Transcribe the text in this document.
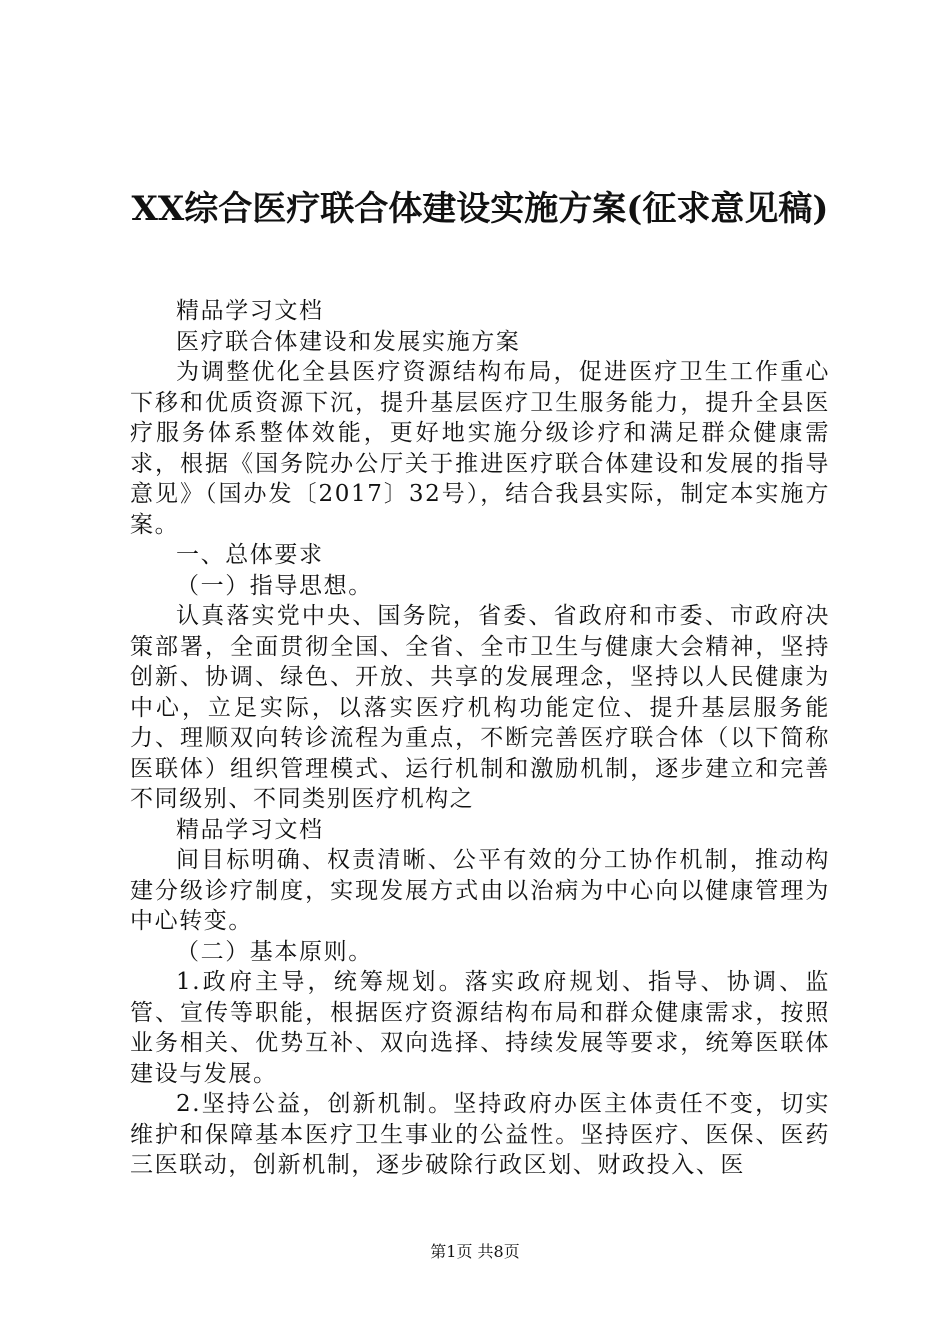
XX综合医疗联合体建设实施方案(征求意见稿)

精品学习文档

医疗联合体建设和发展实施方案

为调整优化全县医疗资源结构布局，促进医疗卫生工作重心下移和优质资源下沉，提升基层医疗卫生服务能力，提升全县医疗服务体系整体效能，更好地实施分级诊疗和满足群众健康需求，根据《国务院办公厅关于推进医疗联合体建设和发展的指导意见》（国办发〔2017〕32号），结合我县实际，制定本实施方案。

一、总体要求

（一）指导思想。

认真落实党中央、国务院，省委、省政府和市委、市政府决策部署，全面贯彻全国、全省、全市卫生与健康大会精神，坚持创新、协调、绿色、开放、共享的发展理念，坚持以人民健康为中心，立足实际，以落实医疗机构功能定位、提升基层服务能力、理顺双向转诊流程为重点，不断完善医疗联合体（以下简称医联体）组织管理模式、运行机制和激励机制，逐步建立和完善不同级别、不同类别医疗机构之

精品学习文档

间目标明确、权责清晰、公平有效的分工协作机制，推动构建分级诊疗制度，实现发展方式由以治病为中心向以健康管理为中心转变。

（二）基本原则。

1.政府主导，统筹规划。落实政府规划、指导、协调、监管、宣传等职能，根据医疗资源结构布局和群众健康需求，按照业务相关、优势互补、双向选择、持续发展等要求，统筹医联体建设与发展。

2.坚持公益，创新机制。坚持政府办医主体责任不变，切实维护和保障基本医疗卫生事业的公益性。坚持医疗、医保、医药三医联动，创新机制，逐步破除行政区划、财政投入、医

第1页 共8页
